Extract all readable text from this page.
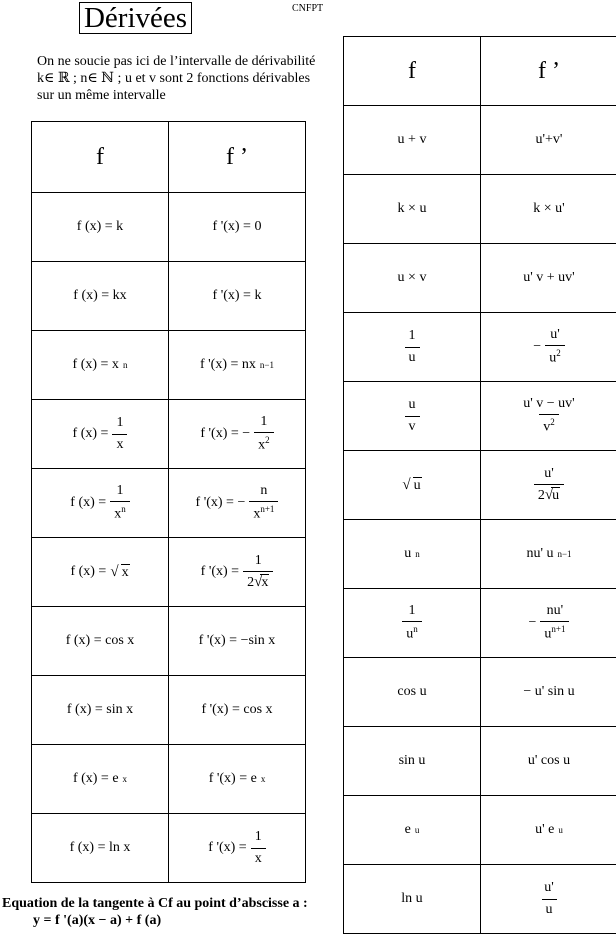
Dérivées	CNFPT
On ne soucie pas ici de l’intervalle de dérivabilité
k∈ ℝ ; n∈ ℕ ; u et v sont 2 fonctions dérivables
sur un même intervalle
f	f ’
f (x) = k	f '(x) = 0
f (x) = kx	f '(x) = k
f (x) = x n	f '(x) = nx n−1

f $(x) = \frac{1}{x}$	f '(x) = − $\frac{1}{x^2}$

f $(x) = \frac{1}{x^n}$	f '(x) = − $\frac{n}{x^{n+1}}$

f (x) = √ x	f '$(x) = \frac{1}{2√x}$

f (x) = cos x	f '(x) = −sin x
f (x) = sin x	f '(x) = cos x
f (x) = e x	f '(x) = e x

f (x) = ln x	f '$(x) = \frac{1}{x}$
f	f ’
u + v	u'+v'
k × u	k × u'
u × v	u' v + uv'

$\frac{1}{u}$	− $\frac{u'}{u^2}$

$\frac{u}{v}$	$\frac{u' v - uv'}{v^2}$

√ u	$\frac{u'}{2√u}$

u n	nu' u n−1

$\frac{1}{u^n}$	− $\frac{nu'}{u^{n+1}}$

cos u	− u' sin u
sin u	u' cos u
e u	u' e u

ln u	$\frac{u'}{u}$
Equation de la tangente à Cf au point d’abscisse a :
y = f '(a)(x − a) + f (a)
